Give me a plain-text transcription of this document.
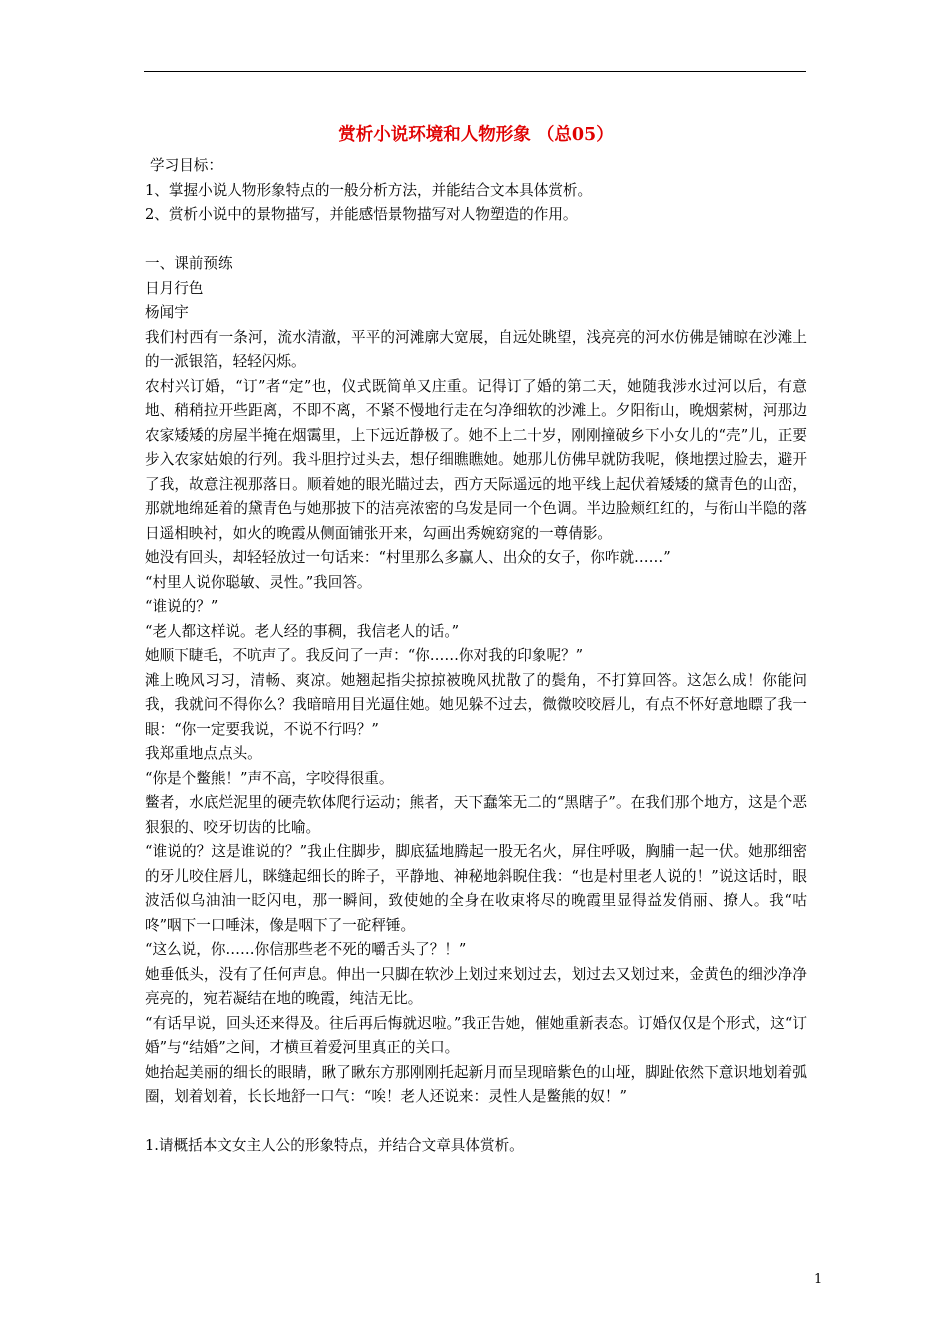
赏析小说环境和人物形象 （总05）

学习目标：

1、掌握小说人物形象特点的一般分析方法，并能结合文本具体赏析。

2、赏析小说中的景物描写，并能感悟景物描写对人物塑造的作用。

一、课前预练

日月行色

杨闻宇

我们村西有一条河，流水清澈，平平的河滩廓大宽展，自远处眺望，浅亮亮的河水仿佛是铺晾在沙滩上的一派银箔，轻轻闪烁。

农村兴订婚，“订”者“定”也，仪式既简单又庄重。记得订了婚的第二天，她随我涉水过河以后，有意地、稍稍拉开些距离，不即不离，不紧不慢地行走在匀净细软的沙滩上。夕阳衔山，晚烟萦树，河那边农家矮矮的房屋半掩在烟霭里，上下远近静极了。她不上二十岁，刚刚撞破乡下小女儿的“壳”儿，正要步入农家姑娘的行列。我斗胆拧过头去，想仔细瞧瞧她。她那儿仿佛早就防我呢，倏地摆过脸去，避开了我，故意注视那落日。顺着她的眼光瞄过去，西方天际遥远的地平线上起伏着矮矮的黛青色的山峦，那就地绵延着的黛青色与她那披下的洁亮浓密的乌发是同一个色调。半边脸颊红红的，与衔山半隐的落日遥相映衬，如火的晚霞从侧面铺张开来，勾画出秀婉窈窕的一尊倩影。

她没有回头，却轻轻放过一句话来：“村里那么多赢人、出众的女子，你咋就……”

“村里人说你聪敏、灵性。”我回答。

“谁说的？”

“老人都这样说。老人经的事稠，我信老人的话。”

她顺下睫毛，不吭声了。我反问了一声：“你……你对我的印象呢？”

滩上晚风习习，清畅、爽凉。她翘起指尖掠掠被晚风扰散了的鬓角，不打算回答。这怎么成！你能问我，我就问不得你么？我暗暗用目光逼住她。她见躲不过去，微微咬咬唇儿，有点不怀好意地瞟了我一眼：“你一定要我说，不说不行吗？”

我郑重地点点头。

“你是个鳖熊！”声不高，字咬得很重。

鳖者，水底烂泥里的硬壳软体爬行运动；熊者，天下蠢笨无二的“黑瞎子”。在我们那个地方，这是个恶狠狠的、咬牙切齿的比喻。

“谁说的？这是谁说的？”我止住脚步，脚底猛地腾起一股无名火，屏住呼吸，胸脯一起一伏。她那细密的牙儿咬住唇儿，眯缝起细长的眸子，平静地、神秘地斜睨住我：“也是村里老人说的！”说这话时，眼波活似乌油油一眨闪电，那一瞬间，致使她的全身在收束将尽的晚霞里显得益发俏丽、撩人。我“咕咚”咽下一口唾沫，像是咽下了一砣秤锤。

“这么说，你……你信那些老不死的嚼舌头了？！”

她垂低头，没有了任何声息。伸出一只脚在软沙上划过来划过去，划过去又划过来，金黄色的细沙净净亮亮的，宛若凝结在地的晚霞，纯洁无比。

“有话早说，回头还来得及。往后再后悔就迟啦。”我正告她，催她重新表态。订婚仅仅是个形式，这“订婚”与“结婚”之间，才横亘着爱河里真正的关口。

她抬起美丽的细长的眼睛，瞅了瞅东方那刚刚托起新月而呈现暗紫色的山垭，脚趾依然下意识地划着弧圈，划着划着，长长地舒一口气：“唉！老人还说来：灵性人是鳖熊的奴！”

1.请概括本文女主人公的形象特点，并结合文章具体赏析。

1
